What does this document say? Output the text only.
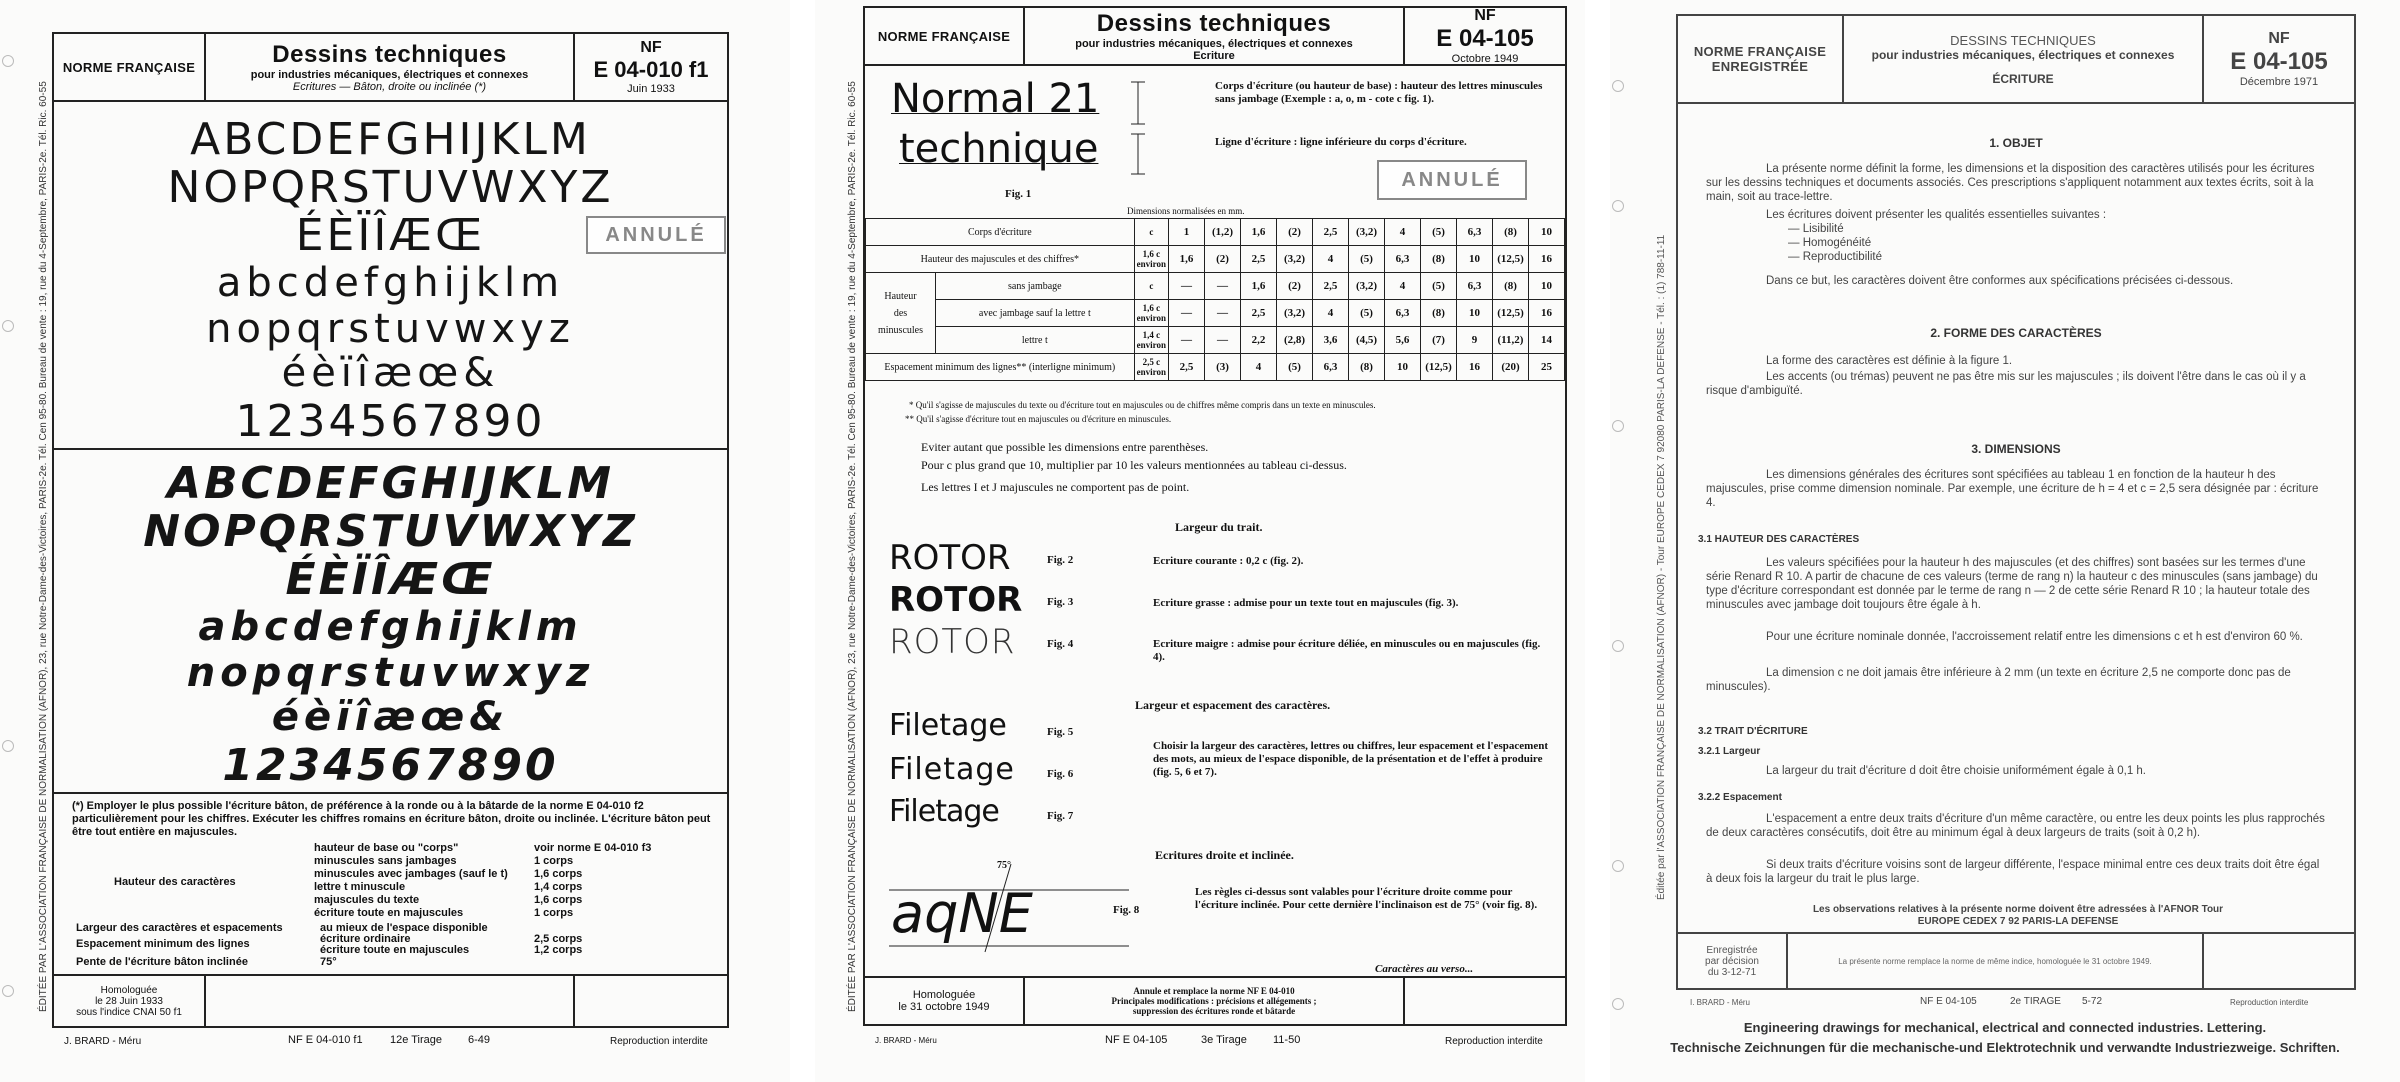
ÉDITÉE PAR L'ASSOCIATION FRANÇAISE DE NORMALISATION (AFNOR), 23, rue Notre-Dame-des-Victoires, PARIS-2e. Tél. Cen 95-80. Bureau de vente : 19, rue du 4-Septembre, PARIS-2e. Tél. Ric. 60-55
NORME FRANÇAISE	Dessins techniques
pour industries mécaniques, électriques et connexes
Ecritures — Bâton, droite ou inclinée (*)
NF
E 04-010 f1
Juin 1933
ABCDEFGHIJKLM
NOPQRSTUVWXYZ
ÉÈÏÎÆŒ
abcdefghijklm
nopqrstuvwxyz
éèïîæœ&
1234567890
ANNULÉ
ABCDEFGHIJKLM
NOPQRSTUVWXYZ
ÉÈÏÎÆŒ
abcdefghijklm
nopqrstuvwxyz
éèïîæœ&
1234567890
(*) Employer le plus possible l'écriture bâton, de préférence à la ronde ou à la bâtarde de la norme E 04-010 f2 particulièrement pour les chiffres. Exécuter les chiffres romains en écriture bâton, droite ou inclinée. L'écriture bâton peut être tout entière en majuscules.
Hauteur des caractères
hauteur de base ou "corps"	voir norme E 04-010 f3
minuscules sans jambages	1 corps
minuscules avec jambages (sauf le t)	1,6 corps
lettre t minuscule	1,4 corps
majuscules du texte	1,6 corps
écriture toute en majuscules	1 corps
Largeur des caractères et espacements	au mieux de l'espace disponible
Espacement minimum des lignes	écriture ordinaire	2,5 corps
écriture toute en majuscules	1,2 corps
Pente de l'écriture bâton inclinée	75°
Homologuée
le 28 Juin 1933
sous l'indice CNAI 50 f1
J. BRARD - Méru	NF E 04-010 f1 12e Tirage 6-49	Reproduction interdite
ÉDITÉE PAR L'ASSOCIATION FRANÇAISE DE NORMALISATION (AFNOR), 23, rue Notre-Dame-des-Victoires, PARIS-2e. Tél. Cen 95-80. Bureau de vente : 19, rue du 4-Septembre, PARIS-2e. Tél. Ric. 60-55
NORME FRANÇAISE	Dessins techniques
pour industries mécaniques, électriques et connexes
Ecriture
NF
E 04-105
Octobre 1949
Normal 21
technique
Fig. 1
Corps d'écriture (ou hauteur de base) : hauteur des lettres minuscules sans jambage (Exemple : a, o, m - cote c fig. 1).
Ligne d'écriture : ligne inférieure du corps d'écriture.
ANNULÉ
Dimensions normalisées en mm.
Corps d'écriture		c	1	(1,2)	1,6	(2)	2,5	(3,2)	4	(5)	6,3	(8)	10
Hauteur des majuscules et des chiffres*		1,6 c environ	1,6	(2)	2,5	(3,2)	4	(5)	6,3	(8)	10	(12,5)	16

Hauteur
des
minuscules	sans jambage	c	—	—	1,6	(2)	2,5	(3,2)	4	(5)	6,3	(8)	10
	avec jambage sauf la lettre t	1,6 c environ	—	—	2,5	(3,2)	4	(5)	6,3	(8)	10	(12,5)	16
	lettre t	1,4 c environ	—	—	2,2	(2,8)	3,6	(4,5)	5,6	(7)	9	(11,2)	14
Espacement minimum des lignes** (interligne minimum)		2,5 c environ	2,5	(3)	4	(5)	6,3	(8)	10	(12,5)	16	(20)	25
* Qu'il s'agisse de majuscules du texte ou d'écriture tout en majuscules ou de chiffres même compris dans un texte en minuscules.
** Qu'il s'agisse d'écriture tout en majuscules ou d'écriture en minuscules.
Eviter autant que possible les dimensions entre parenthèses.
Pour c plus grand que 10, multiplier par 10 les valeurs mentionnées au tableau ci-dessus.
Les lettres I et J majuscules ne comportent pas de point.
Largeur du trait.
ROTOR
ROTOR
ROTOR
Fig. 2
Fig. 3
Fig. 4
Ecriture courante : 0,2 c (fig. 2).
Ecriture grasse : admise pour un texte tout en majuscules (fig. 3).
Ecriture maigre : admise pour écriture déliée, en minuscules ou en majuscules (fig. 4).
Largeur et espacement des caractères.
Filetage
Filetage
Filetage
Fig. 5
Fig. 6
Fig. 7
Choisir la largeur des caractères, lettres ou chiffres, leur espacement et l'espacement des mots, au mieux de l'espace disponible, de la présentation et de l'effet à produire (fig. 5, 6 et 7).
Ecritures droite et inclinée.
aqNE
75°
Fig. 8
Les règles ci-dessus sont valables pour l'écriture droite comme pour l'écriture inclinée. Pour cette dernière l'inclinaison est de 75° (voir fig. 8).
Caractères au verso...
Homologuée
le 31 octobre 1949
Annule et remplace la norme NF E 04-010
Principales modifications : précisions et allégements ;
suppression des écritures ronde et bâtarde
J. BRARD - Méru	NF E 04-105	3e Tirage 11-50	Reproduction interdite
Éditée par l'ASSOCIATION FRANÇAISE DE NORMALISATION (AFNOR) - Tour EUROPE CEDEX 7 92080 PARIS-LA DEFENSE - Tél. : (1) 788-11-11
NORME FRANÇAISE
ENREGISTRÉE
DESSINS TECHNIQUES
pour industries mécaniques, électriques et connexes
ÉCRITURE
NF
E 04-105
Décembre 1971
1. OBJET
La présente norme définit la forme, les dimensions et la disposition des caractères utilisés pour les écritures sur les dessins techniques et documents associés. Ces prescriptions s'appliquent notamment aux textes écrits, soit à la main, soit au trace-lettre.
Les écritures doivent présenter les qualités essentielles suivantes :
— Lisibilité
— Homogénéité
— Reproductibilité
Dans ce but, les caractères doivent être conformes aux spécifications précisées ci-dessous.
2. FORME DES CARACTÈRES
La forme des caractères est définie à la figure 1.
Les accents (ou trémas) peuvent ne pas être mis sur les majuscules ; ils doivent l'être dans le cas où il y a risque d'ambiguïté.
3. DIMENSIONS
Les dimensions générales des écritures sont spécifiées au tableau 1 en fonction de la hauteur h des majuscules, prise comme dimension nominale. Par exemple, une écriture de h = 4 et c = 2,5 sera désignée par : écriture 4.
3.1 HAUTEUR DES CARACTÈRES
Les valeurs spécifiées pour la hauteur h des majuscules (et des chiffres) sont basées sur les termes d'une série Renard R 10. A partir de chacune de ces valeurs (terme de rang n) la hauteur c des minuscules (sans jambage) du type d'écriture correspondant est donnée par le terme de rang n — 2 de cette série Renard R 10 ; la hauteur totale des minuscules avec jambage doit toujours être égale à h.
Pour une écriture nominale donnée, l'accroissement relatif entre les dimensions c et h est d'environ 60 %.
La dimension c ne doit jamais être inférieure à 2 mm (un texte en écriture 2,5 ne comporte donc pas de minuscules).
3.2 TRAIT D'ÉCRITURE
3.2.1 Largeur
La largeur du trait d'écriture d doit être choisie uniformément égale à 0,1 h.
3.2.2 Espacement
L'espacement a entre deux traits d'écriture d'un même caractère, ou entre les deux points les plus rapprochés de deux caractères consécutifs, doit être au minimum égal à deux largeurs de traits (soit à 0,2 h).
Si deux traits d'écriture voisins sont de largeur différente, l'espace minimal entre ces deux traits doit être égal à deux fois la largeur du trait le plus large.
Les observations relatives à la présente norme doivent être adressées à l'AFNOR Tour EUROPE CEDEX 7 92 PARIS-LA DEFENSE
Enregistrée
par décision
du 3-12-71
La présente norme remplace la norme de même indice, homologuée le 31 octobre 1949.
I. BRARD - Méru	NF E 04-105	2e TIRAGE 5-72	Reproduction interdite
Engineering drawings for mechanical, electrical and connected industries. Lettering.
Technische Zeichnungen für die mechanische-und Elektrotechnik und verwandte Industriezweige. Schriften.
